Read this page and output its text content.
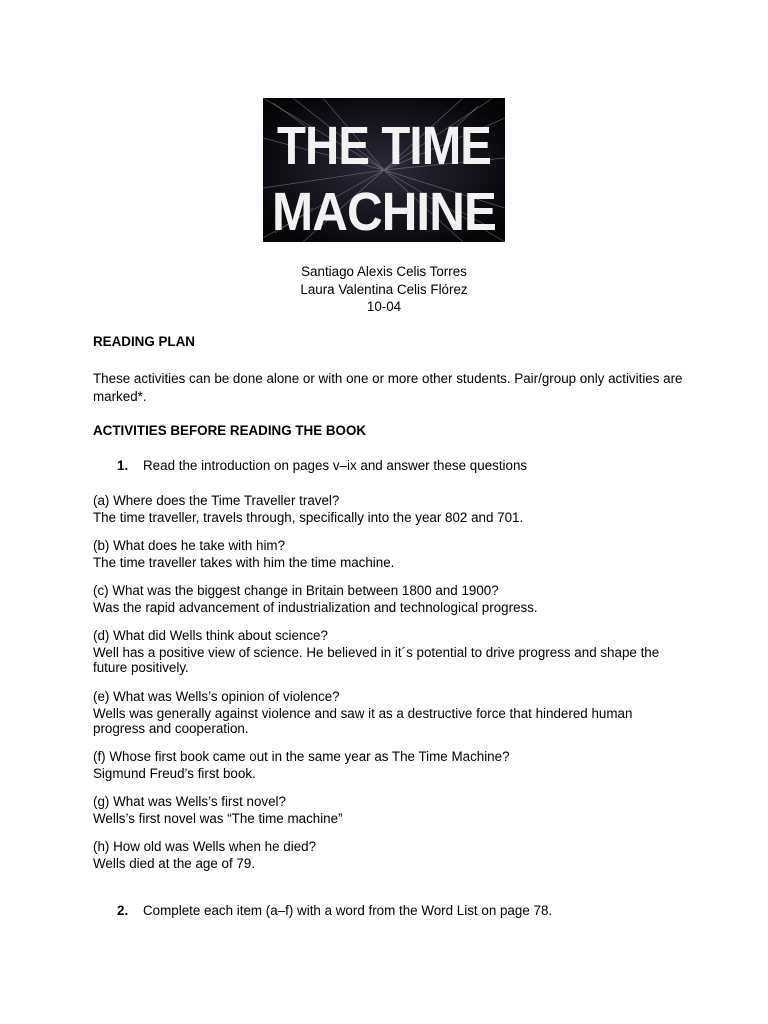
THE TIME
MACHINE
Santiago Alexis Celis Torres
Laura Valentina Celis Flórez
10-04
READING PLAN
These activities can be done alone or with one or more other students. Pair/group only activities are marked*.
ACTIVITIES BEFORE READING THE BOOK
1. Read the introduction on pages v–ix and answer these questions
(a) Where does the Time Traveller travel?
The time traveller, travels through, specifically into the year 802 and 701.
(b) What does he take with him?
The time traveller takes with him the time machine.
(c) What was the biggest change in Britain between 1800 and 1900?
Was the rapid advancement of industrialization and technological progress.
(d) What did Wells think about science?
Well has a positive view of science. He believed in it´s potential to drive progress and shape the future positively.
(e) What was Wells’s opinion of violence?
Wells was generally against violence and saw it as a destructive force that hindered human progress and cooperation.
(f) Whose first book came out in the same year as The Time Machine?
Sigmund Freud’s first book.
(g) What was Wells’s first novel?
Wells’s first novel was “The time machine”
(h) How old was Wells when he died?
Wells died at the age of 79.
2. Complete each item (a–f) with a word from the Word List on page 78.
